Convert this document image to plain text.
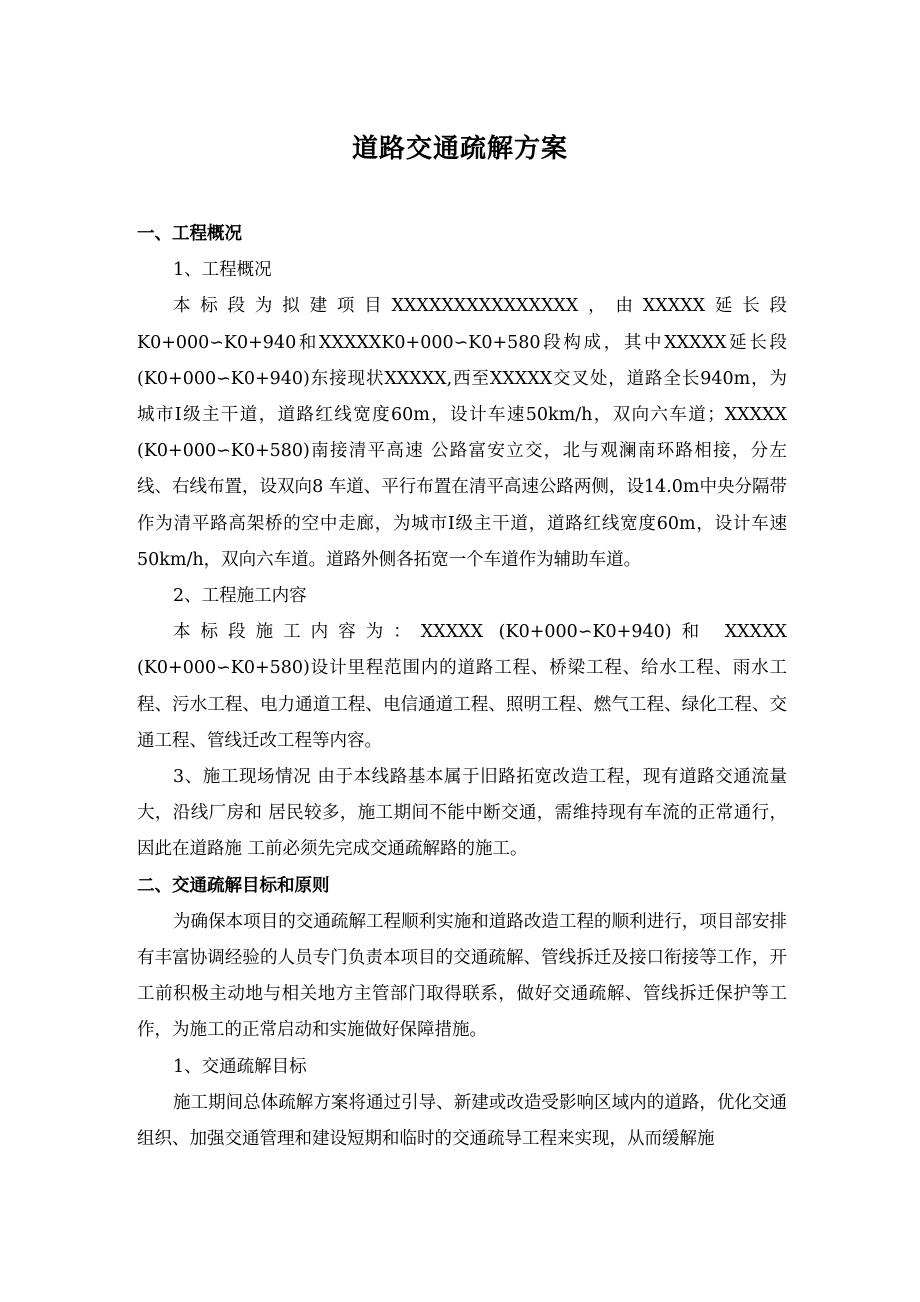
道路交通疏解方案

一、工程概况

1、工程概况

本标段为拟建项目XXXXXXXXXXXXXXX，由XXXXX延长段K0+000∽K0+940和XXXXXK0+000∽K0+580段构成，其中XXXXX延长段(K0+000∽K0+940)东接现状XXXXX,西至XXXXX交叉处，道路全长940m，为城市I级主干道，道路红线宽度60m，设计车速50km/h，双向六车道；XXXXX (K0+000∽K0+580)南接清平高速 公路富安立交，北与观澜南环路相接，分左线、右线布置，设双向8 车道、平行布置在清平高速公路两侧，设14.0m中央分隔带作为清平路高架桥的空中走廊，为城市I级主干道，道路红线宽度60m，设计车速50km/h，双向六车道。道路外侧各拓宽一个车道作为辅助车道。

2、工程施工内容

本标段施工内容为：XXXXX (K0+000∽K0+940)和 XXXXX (K0+000∽K0+580)设计里程范围内的道路工程、桥梁工程、给水工程、雨水工程、污水工程、电力通道工程、电信通道工程、照明工程、燃气工程、绿化工程、交通工程、管线迁改工程等内容。

3、施工现场情况 由于本线路基本属于旧路拓宽改造工程，现有道路交通流量大，沿线厂房和 居民较多，施工期间不能中断交通，需维持现有车流的正常通行，因此在道路施 工前必须先完成交通疏解路的施工。

二、交通疏解目标和原则

为确保本项目的交通疏解工程顺利实施和道路改造工程的顺利进行，项目部安排有丰富协调经验的人员专门负责本项目的交通疏解、管线拆迁及接口衔接等工作，开工前积极主动地与相关地方主管部门取得联系，做好交通疏解、管线拆迁保护等工作，为施工的正常启动和实施做好保障措施。

1、交通疏解目标

施工期间总体疏解方案将通过引导、新建或改造受影响区域内的道路，优化交通组织、加强交通管理和建设短期和临时的交通疏导工程来实现，从而缓解施
